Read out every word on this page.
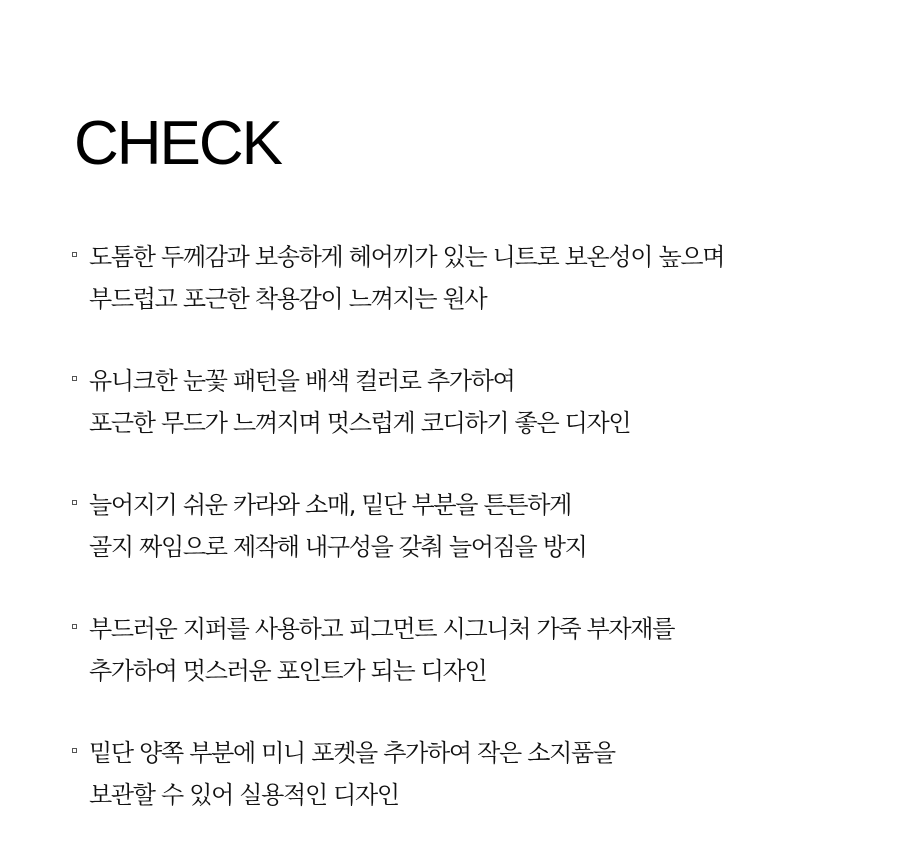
CHECK
도톰한 두께감과 보송하게 헤어끼가 있는 니트로 보온성이 높으며
부드럽고 포근한 착용감이 느껴지는 원사
유니크한 눈꽃 패턴을 배색 컬러로 추가하여
포근한 무드가 느껴지며 멋스럽게 코디하기 좋은 디자인
늘어지기 쉬운 카라와 소매, 밑단 부분을 튼튼하게
골지 짜임으로 제작해 내구성을 갖춰 늘어짐을 방지
부드러운 지퍼를 사용하고 피그먼트 시그니처 가죽 부자재를
추가하여 멋스러운 포인트가 되는 디자인
밑단 양쪽 부분에 미니 포켓을 추가하여 작은 소지품을
보관할 수 있어 실용적인 디자인
